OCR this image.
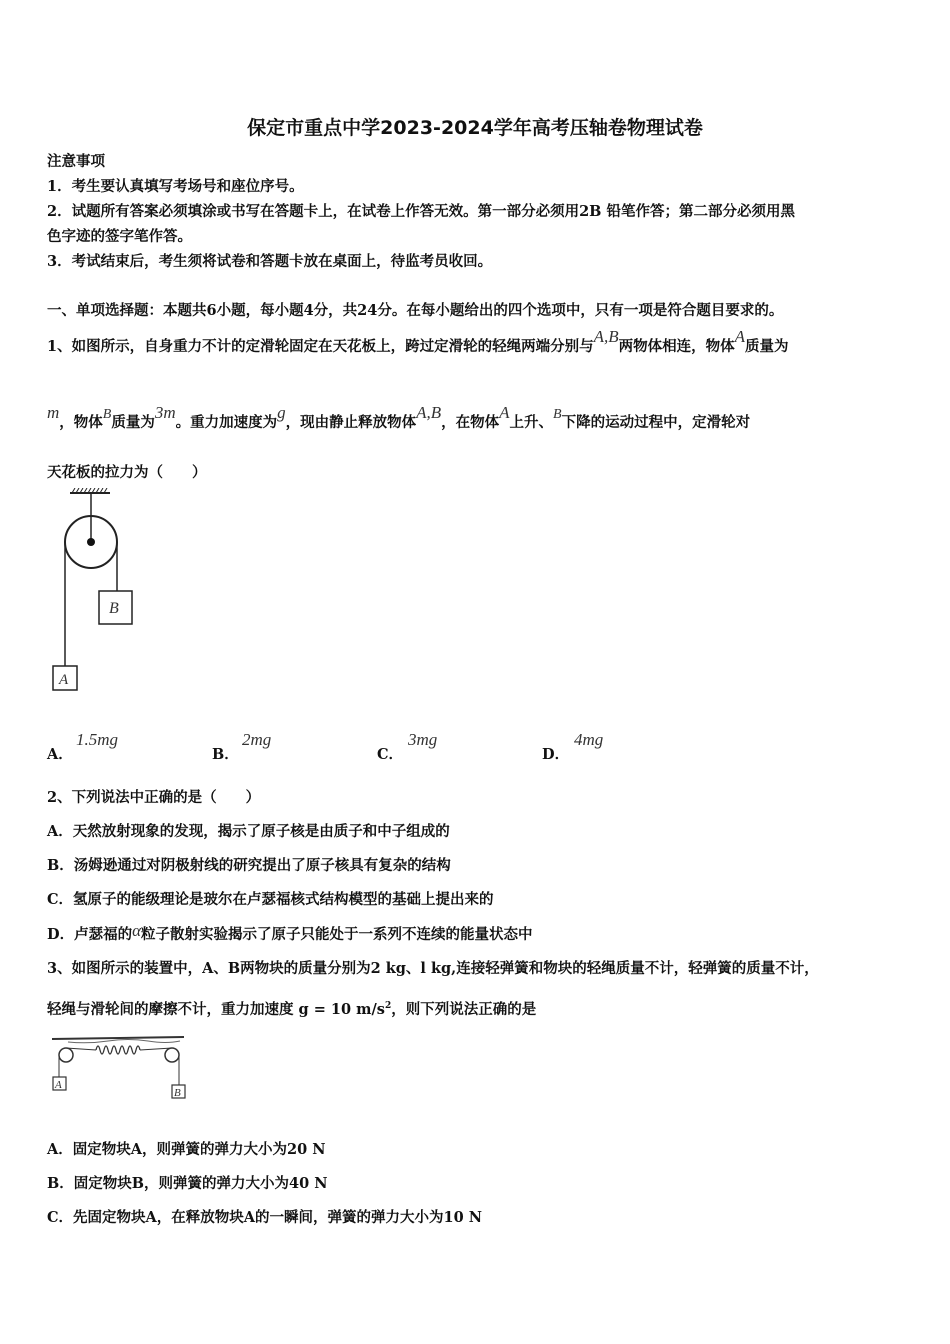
保定市重点中学2023-2024学年高考压轴卷物理试卷
注意事项
1．考生要认真填写考场号和座位序号。
2．试题所有答案必须填涂或书写在答题卡上，在试卷上作答无效。第一部分必须用2B 铅笔作答；第二部分必须用黑
色字迹的签字笔作答。
3．考试结束后，考生须将试卷和答题卡放在桌面上，待监考员收回。
一、单项选择题：本题共6小题，每小题4分，共24分。在每小题给出的四个选项中，只有一项是符合题目要求的。
1、如图所示，自身重力不计的定滑轮固定在天花板上，跨过定滑轮的轻绳两端分别与A,B两物体相连，物体A质量为
m，物体B质量为3m。重力加速度为g，现由静止释放物体A,B，在物体A上升、B下降的运动过程中，定滑轮对
天花板的拉力为（　　）
B
A
A．
1.5mg
B．
2mg
C．
3mg
D．
4mg
2、下列说法中正确的是（　　）
A．天然放射现象的发现，揭示了原子核是由质子和中子组成的
B．汤姆逊通过对阴极射线的研究提出了原子核具有复杂的结构
C．氢原子的能级理论是玻尔在卢瑟福核式结构模型的基础上提出来的
D．卢瑟福的α粒子散射实验揭示了原子只能处于一系列不连续的能量状态中
3、如图所示的装置中，A、B两物块的质量分别为2 kg、l kg,连接轻弹簧和物块的轻绳质量不计，轻弹簧的质量不计，
轻绳与滑轮间的摩擦不计，重力加速度 g = 10 $m/s^2$，则下列说法正确的是
A
B
A．固定物块A，则弹簧的弹力大小为20 N
B．固定物块B，则弹簧的弹力大小为40 N
C．先固定物块A，在释放物块A的一瞬间，弹簧的弹力大小为10 N
